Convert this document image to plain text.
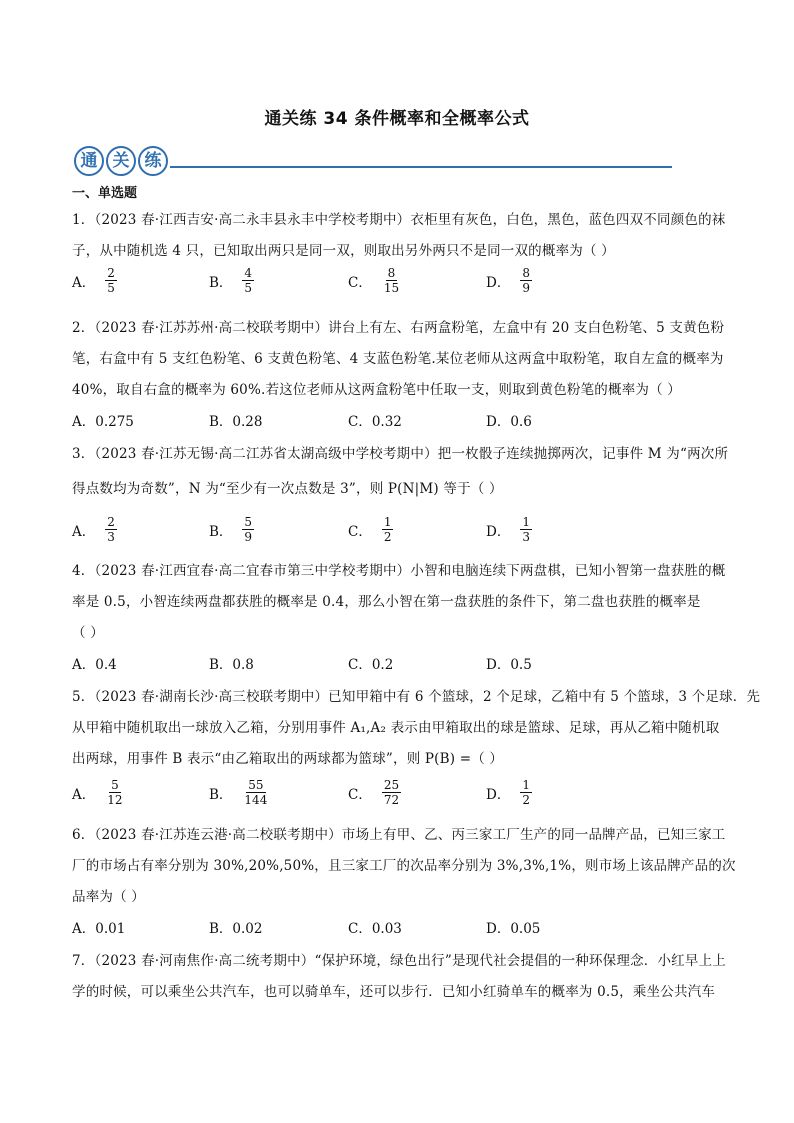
通关练 34 条件概率和全概率公式
通 关 练
一、单选题
1．（2023 春·江西吉安·高二永丰县永丰中学校考期中）衣柜里有灰色，白色，黑色，蓝色四双不同颜色的袜
子，从中随机选 4 只，已知取出两只是同一双，则取出另外两只不是同一双的概率为（ ）
A． $\frac{2}{5}$	B． $\frac{4}{5}$	C． $\frac{8}{15}$	D． $\frac{8}{9}$
2．（2023 春·江苏苏州·高二校联考期中）讲台上有左、右两盒粉笔，左盒中有 20 支白色粉笔、5 支黄色粉
笔，右盒中有 5 支红色粉笔、6 支黄色粉笔、4 支蓝色粉笔.某位老师从这两盒中取粉笔，取自左盒的概率为
40%，取自右盒的概率为 60%.若这位老师从这两盒粉笔中任取一支，则取到黄色粉笔的概率为（ ）
A．0.275	B．0.28	C．0.32	D．0.6
3．（2023 春·江苏无锡·高二江苏省太湖高级中学校考期中）把一枚骰子连续抛掷两次，记事件 M 为“两次所
得点数均为奇数”，N 为“至少有一次点数是 3”，则 P(N|M) 等于（ ）
A． $\frac{2}{3}$	B． $\frac{5}{9}$	C． $\frac{1}{2}$	D． $\frac{1}{3}$
4．（2023 春·江西宜春·高二宜春市第三中学校考期中）小智和电脑连续下两盘棋，已知小智第一盘获胜的概
率是 0.5，小智连续两盘都获胜的概率是 0.4，那么小智在第一盘获胜的条件下，第二盘也获胜的概率是
（ ）
A．0.4	B．0.8	C．0.2	D．0.5
5．（2023 春·湖南长沙·高三校联考期中）已知甲箱中有 6 个篮球，2 个足球，乙箱中有 5 个篮球，3 个足球．先
从甲箱中随机取出一球放入乙箱，分别用事件 A₁,A₂ 表示由甲箱取出的球是篮球、足球，再从乙箱中随机取
出两球，用事件 B 表示“由乙箱取出的两球都为篮球”，则 P(B) =（ ）
A． $\frac{5}{12}$	B． $\frac{55}{144}$	C． $\frac{25}{72}$	D． $\frac{1}{2}$
6．（2023 春·江苏连云港·高二校联考期中）市场上有甲、乙、丙三家工厂生产的同一品牌产品，已知三家工
厂的市场占有率分别为 30%,20%,50%，且三家工厂的次品率分别为 3%,3%,1%，则市场上该品牌产品的次
品率为（ ）
A．0.01	B．0.02	C．0.03	D．0.05
7．（2023 春·河南焦作·高二统考期中）“保护环境，绿色出行”是现代社会提倡的一种环保理念．小红早上上
学的时候，可以乘坐公共汽车，也可以骑单车，还可以步行．已知小红骑单车的概率为 0.5，乘坐公共汽车
